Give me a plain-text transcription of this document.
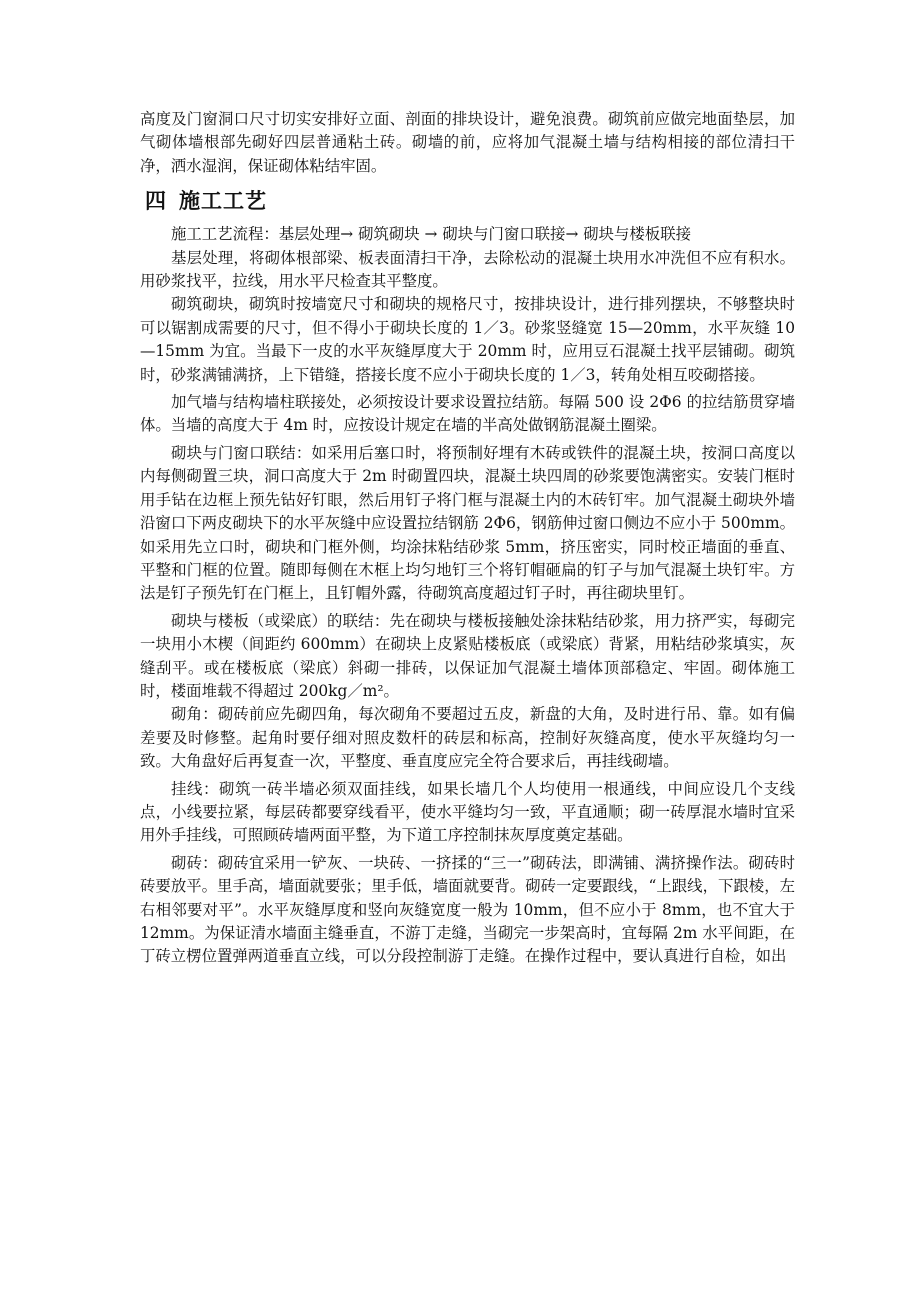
高度及门窗洞口尺寸切实安排好立面、剖面的排块设计，避免浪费。砌筑前应做完地面垫层，加气砌体墙根部先砌好四层普通粘土砖。砌墙的前，应将加气混凝土墙与结构相接的部位清扫干净，洒水湿润，保证砌体粘结牢固。

四 施工工艺

施工工艺流程：基层处理→ 砌筑砌块 → 砌块与门窗口联接→ 砌块与楼板联接

基层处理，将砌体根部梁、板表面清扫干净，去除松动的混凝土块用水冲洗但不应有积水。用砂浆找平，拉线，用水平尺检查其平整度。

砌筑砌块，砌筑时按墙宽尺寸和砌块的规格尺寸，按排块设计，进行排列摆块，不够整块时可以锯割成需要的尺寸，但不得小于砌块长度的 1／3。砂浆竖缝宽 15—20mm，水平灰缝 10—15mm 为宜。当最下一皮的水平灰缝厚度大于 20mm 时，应用豆石混凝土找平层铺砌。砌筑时，砂浆满铺满挤，上下错缝，搭接长度不应小于砌块长度的 1／3，转角处相互咬砌搭接。

加气墙与结构墙柱联接处，必须按设计要求设置拉结筋。每隔 500 设 2Φ6 的拉结筋贯穿墙体。当墙的高度大于 4m 时，应按设计规定在墙的半高处做钢筋混凝土圈梁。

砌块与门窗口联结：如采用后塞口时，将预制好埋有木砖或铁件的混凝土块，按洞口高度以内每侧砌置三块，洞口高度大于 2m 时砌置四块，混凝土块四周的砂浆要饱满密实。安装门框时用手钻在边框上预先钻好钉眼，然后用钉子将门框与混凝土内的木砖钉牢。加气混凝土砌块外墙沿窗口下两皮砌块下的水平灰缝中应设置拉结钢筋 2Φ6，钢筋伸过窗口侧边不应小于 500mm。如采用先立口时，砌块和门框外侧，均涂抹粘结砂浆 5mm，挤压密实，同时校正墙面的垂直、平整和门框的位置。随即每侧在木框上均匀地钉三个将钉帽砸扁的钉子与加气混凝土块钉牢。方法是钉子预先钉在门框上，且钉帽外露，待砌筑高度超过钉子时，再往砌块里钉。

砌块与楼板（或梁底）的联结：先在砌块与楼板接触处涂抹粘结砂浆，用力挤严实，每砌完一块用小木楔（间距约 600mm）在砌块上皮紧贴楼板底（或梁底）背紧，用粘结砂浆填实，灰缝刮平。或在楼板底（梁底）斜砌一排砖，以保证加气混凝土墙体顶部稳定、牢固。砌体施工时，楼面堆载不得超过 200kg／m²。

砌角：砌砖前应先砌四角，每次砌角不要超过五皮，新盘的大角，及时进行吊、靠。如有偏差要及时修整。起角时要仔细对照皮数杆的砖层和标高，控制好灰缝高度，使水平灰缝均匀一致。大角盘好后再复查一次，平整度、垂直度应完全符合要求后，再挂线砌墙。

挂线：砌筑一砖半墙必须双面挂线，如果长墙几个人均使用一根通线，中间应设几个支线点，小线要拉紧，每层砖都要穿线看平，使水平缝均匀一致，平直通顺；砌一砖厚混水墙时宜采用外手挂线，可照顾砖墙两面平整，为下道工序控制抹灰厚度奠定基础。

砌砖：砌砖宜采用一铲灰、一块砖、一挤揉的“三一”砌砖法，即满铺、满挤操作法。砌砖时砖要放平。里手高，墙面就要张；里手低，墙面就要背。砌砖一定要跟线，“上跟线，下跟棱，左右相邻要对平”。水平灰缝厚度和竖向灰缝宽度一般为 10mm，但不应小于 8mm，也不宜大于 12mm。为保证清水墙面主缝垂直，不游丁走缝，当砌完一步架高时，宜每隔 2m 水平间距，在丁砖立楞位置弹两道垂直立线，可以分段控制游丁走缝。在操作过程中，要认真进行自检，如出
